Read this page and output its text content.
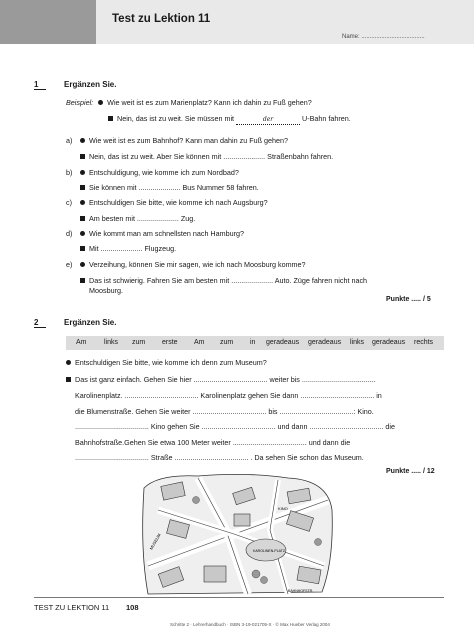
Test zu Lektion 11
Name: ......................................
1	Ergänzen Sie.
Beispiel: Wie weit ist es zum Marienplatz? Kann ich dahin zu Fuß gehen?
Nein, das ist zu weit. Sie müssen mit	der	U-Bahn fahren.
a) Wie weit ist es zum Bahnhof? Kann man dahin zu Fuß gehen?
Nein, das ist zu weit. Aber Sie können mit ..................... Straßenbahn fahren.
b) Entschuldigung, wie komme ich zum Nordbad?
Sie können mit ..................... Bus Nummer 58 fahren.
c) Entschuldigen Sie bitte, wie komme ich nach Augsburg?
Am besten mit ..................... Zug.
d) Wie kommt man am schnellsten nach Hamburg?
Mit ..................... Flugzeug.
e) Verzeihung, können Sie mir sagen, wie ich nach Moosburg komme?
Das ist schwierig. Fahren Sie am besten mit ..................... Auto. Züge fahren nicht nach
Moosburg.
Punkte ..... / 5
2	Ergänzen Sie.
Am	links zum erste Am zum in geradeaus geradeaus links geradeaus rechts
Entschuldigen Sie bitte, wie komme ich denn zum Museum?
Das ist ganz einfach. Gehen Sie hier ..................................... weiter bis .....................................
Karolinenplatz. ..................................... Karolinenplatz gehen Sie dann ..................................... in
die Blumenstraße. Gehen Sie weiter ..................................... bis .....................................: Kino.
..................................... Kino gehen Sie ..................................... und dann ..................................... die
Bahnhofstraße.Gehen Sie etwa 100 Meter weiter ..................................... und dann die
..................................... Straße ..................................... . Da sehen Sie schon das Museum.
Punkte ..... / 12
MUSEUM
KINO
KAROLINEN-PLATZ
BAHNHOFSTR.
TEST ZU LEKTION 11 108
Schritte 2 · Lehrerhandbuch · ISBN 3-19-021705-X · © Max Hueber Verlag 2004
